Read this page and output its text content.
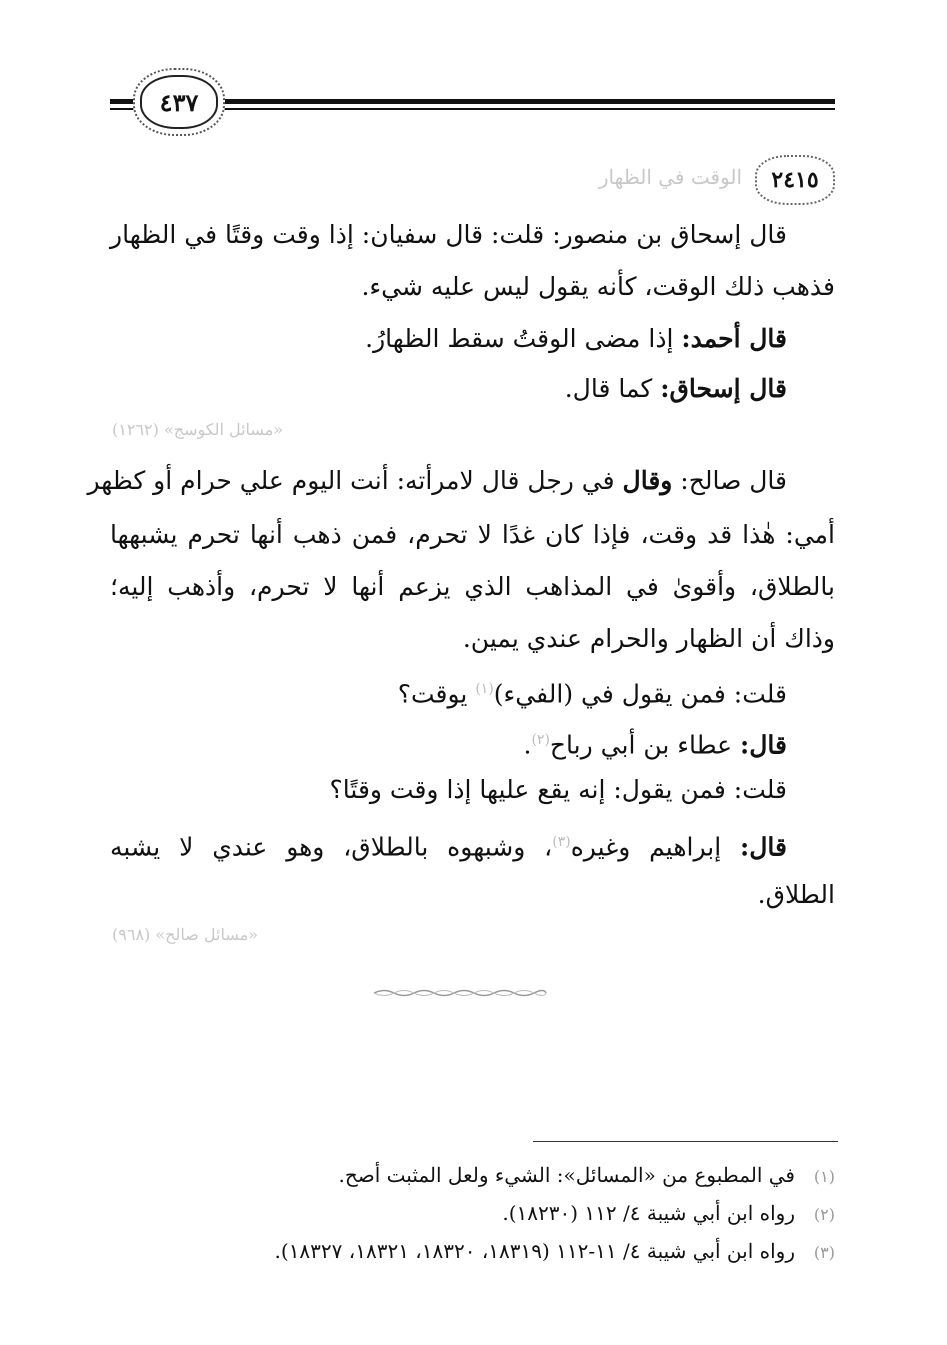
٤٣٧
٢٤١٥
الوقت في الظهار
قال إسحاق بن منصور: قلت: قال سفيان: إذا وقت وقتًا في الظهار
فذهب ذلك الوقت، كأنه يقول ليس عليه شيء.
قال أحمد: إذا مضى الوقتُ سقط الظهارُ.
قال إسحاق: كما قال.
«مسائل الكوسج» (١٢٦٢)
قال صالح: وقال في رجل قال لامرأته: أنت اليوم علي حرام أو كظهر
أمي: هٰذا قد وقت، فإذا كان غدًا لا تحرم، فمن ذهب أنها تحرم يشبهها
بالطلاق، وأقوىٰ في المذاهب الذي يزعم أنها لا تحرم، وأذهب إليه؛
وذاك أن الظهار والحرام عندي يمين.
قلت: فمن يقول في (الفيء)$^{(١)}$ يوقت؟
قال: عطاء بن أبي رباح$^{(٢)}$.
قلت: فمن يقول: إنه يقع عليها إذا وقت وقتًا؟
قال: إبراهيم وغيره$^{(٣)}$، وشبهوه بالطلاق، وهو عندي لا يشبه
الطلاق.
«مسائل صالح» (٩٦٨)
(١)في المطبوع من «المسائل»: الشيء ولعل المثبت أصح.
(٢)رواه ابن أبي شيبة ٤/ ١١٢ (١٨٢٣٠).
(٣)رواه ابن أبي شيبة ٤/ ١١-١١٢ (١٨٣١٩، ١٨٣٢٠، ١٨٣٢١، ١٨٣٢٧).
